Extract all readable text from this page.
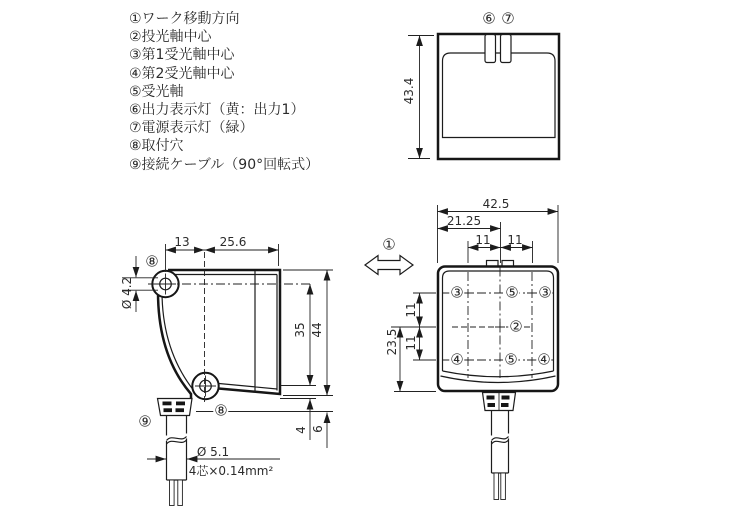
①ワーク移動方向
②投光軸中心
③第1受光軸中心
④第2受光軸中心
⑤受光軸
⑥出力表示灯（黄：出力1）
⑦電源表示灯（緑）
⑧取付穴
⑨接続ケーブル（90°回転式）
⑥ ⑦
43.4
⑧
13	25.6
Ø 4.2
35 44
⑧
⑨	4 6
Ø 5.1
4芯×0.14mm²
42.5
21.25
11 11
①
11
11
23.5
③	⑤ ③
②
④	⑤ ④
